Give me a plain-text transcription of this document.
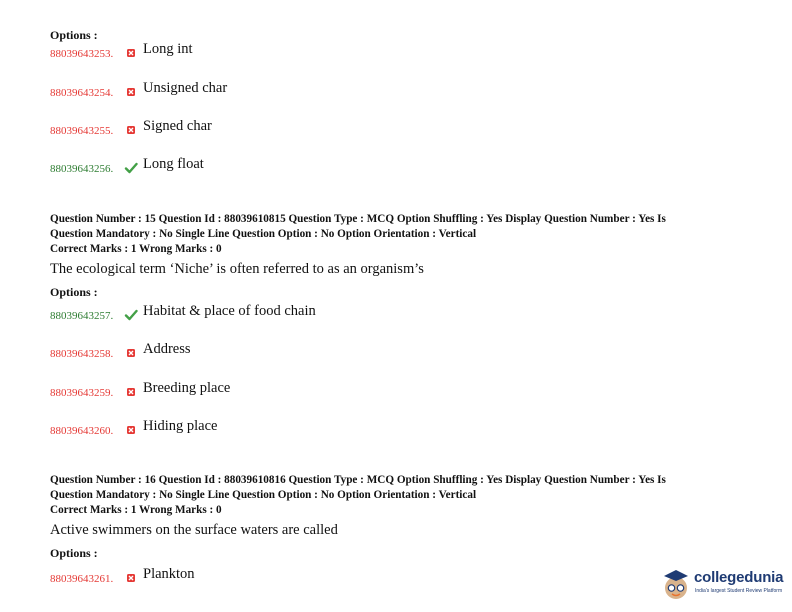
Options :
88039643253.	Long int
88039643254.	Unsigned char
88039643255.	Signed char
88039643256.	Long float
Question Number : 15 Question Id : 88039610815 Question Type : MCQ Option Shuffling : Yes Display Question Number : Yes Is
Question Mandatory : No Single Line Question Option : No Option Orientation : Vertical
Correct Marks : 1 Wrong Marks : 0
The ecological term ‘Niche’ is often referred to as an organism’s
Options :
88039643257.	Habitat & place of food chain
88039643258.	Address
88039643259.	Breeding place
88039643260.	Hiding place
Question Number : 16 Question Id : 88039610816 Question Type : MCQ Option Shuffling : Yes Display Question Number : Yes Is
Question Mandatory : No Single Line Question Option : No Option Orientation : Vertical
Correct Marks : 1 Wrong Marks : 0
Active swimmers on the surface waters are called
Options :
88039643261.	Plankton	collegedunia
India's largest Student Review Platform
